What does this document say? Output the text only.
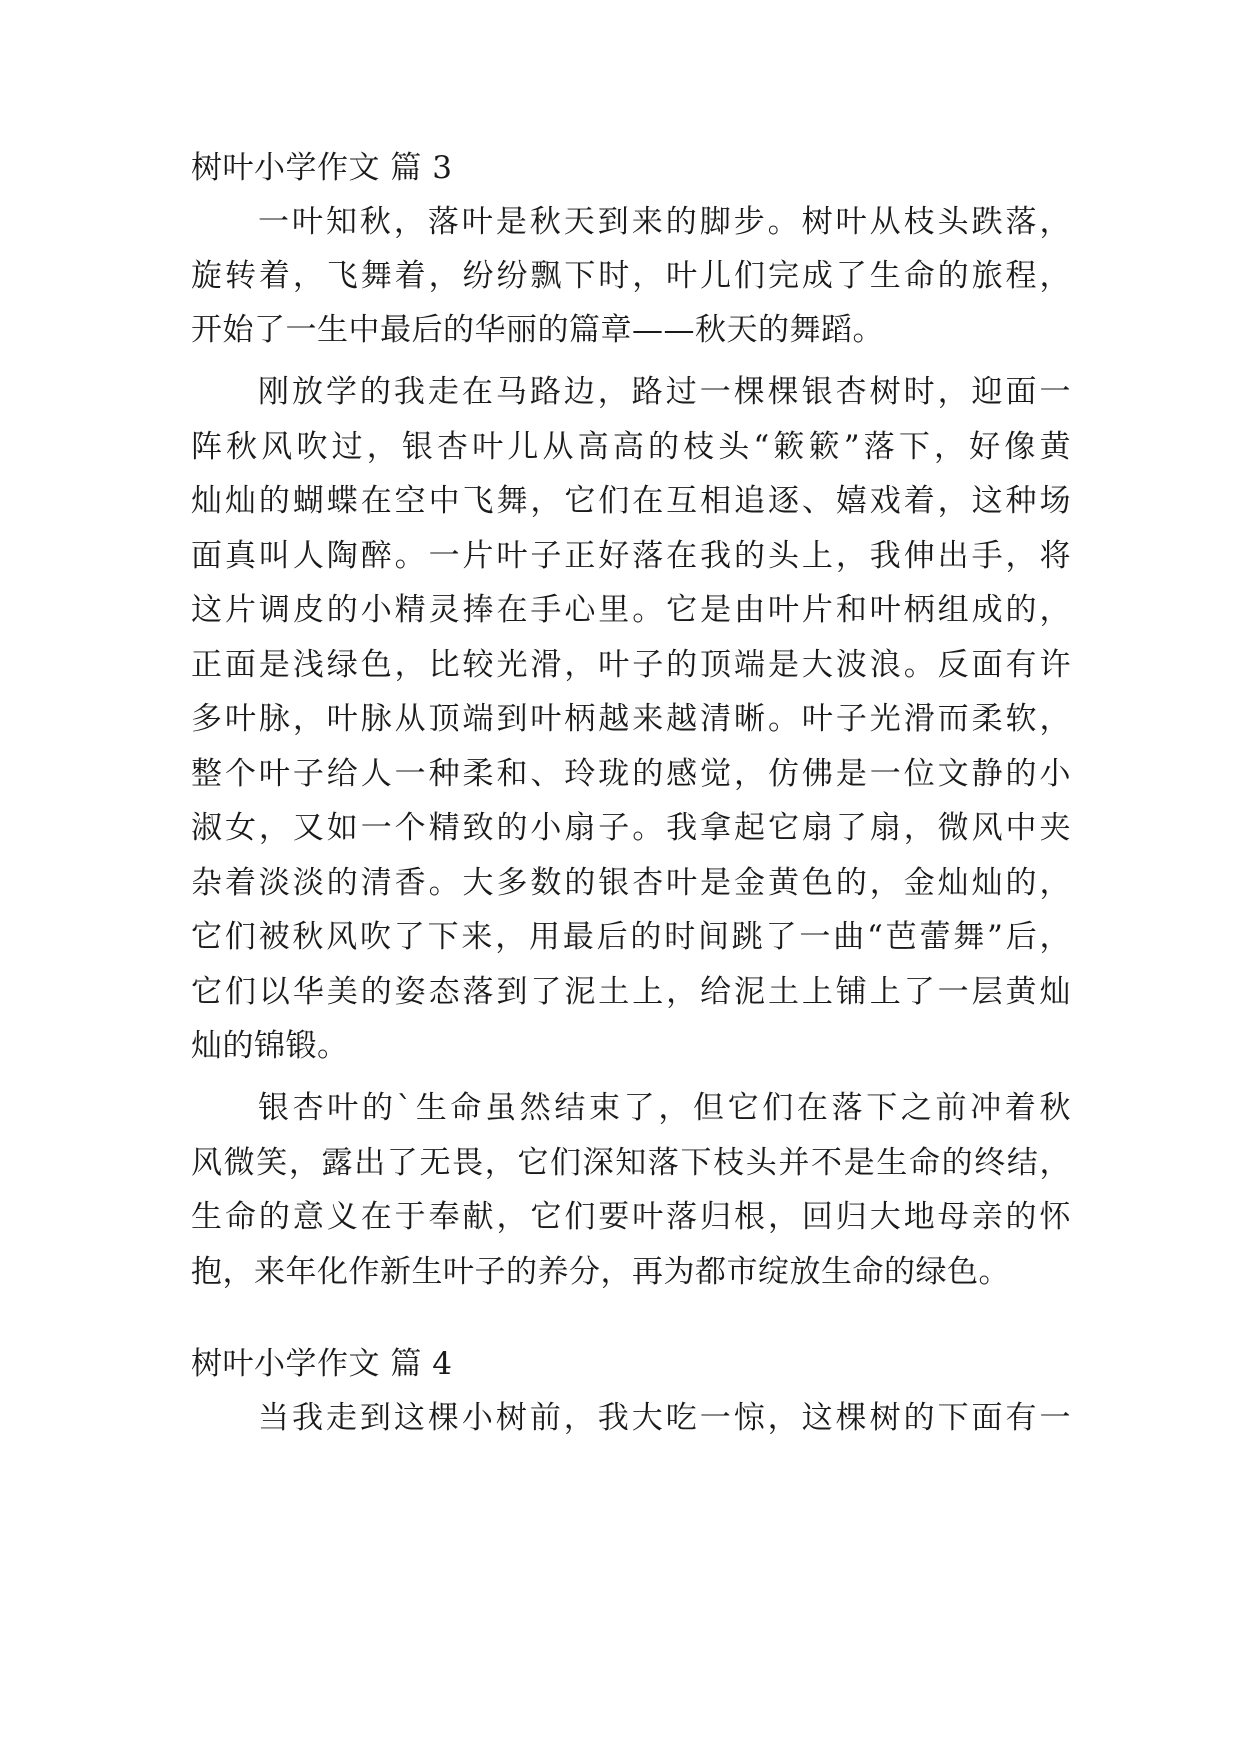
树叶小学作文 篇 3
一叶知秋，落叶是秋天到来的脚步。树叶从枝头跌落，
旋转着，飞舞着，纷纷飘下时，叶儿们完成了生命的旅程，
开始了一生中最后的华丽的篇章——秋天的舞蹈。
刚放学的我走在马路边，路过一棵棵银杏树时，迎面一
阵秋风吹过，银杏叶儿从高高的枝头“簌簌”落下，好像黄
灿灿的蝴蝶在空中飞舞，它们在互相追逐、嬉戏着，这种场
面真叫人陶醉。一片叶子正好落在我的头上，我伸出手，将
这片调皮的小精灵捧在手心里。它是由叶片和叶柄组成的，
正面是浅绿色，比较光滑，叶子的顶端是大波浪。反面有许
多叶脉，叶脉从顶端到叶柄越来越清晰。叶子光滑而柔软，
整个叶子给人一种柔和、玲珑的感觉，仿佛是一位文静的小
淑女，又如一个精致的小扇子。我拿起它扇了扇，微风中夹
杂着淡淡的清香。大多数的银杏叶是金黄色的，金灿灿的，
它们被秋风吹了下来，用最后的时间跳了一曲“芭蕾舞”后，
它们以华美的姿态落到了泥土上，给泥土上铺上了一层黄灿
灿的锦锻。
银杏叶的`生命虽然结束了，但它们在落下之前冲着秋
风微笑，露出了无畏，它们深知落下枝头并不是生命的终结，
生命的意义在于奉献，它们要叶落归根，回归大地母亲的怀
抱，来年化作新生叶子的养分，再为都市绽放生命的绿色。
树叶小学作文 篇 4
当我走到这棵小树前，我大吃一惊，这棵树的下面有一
